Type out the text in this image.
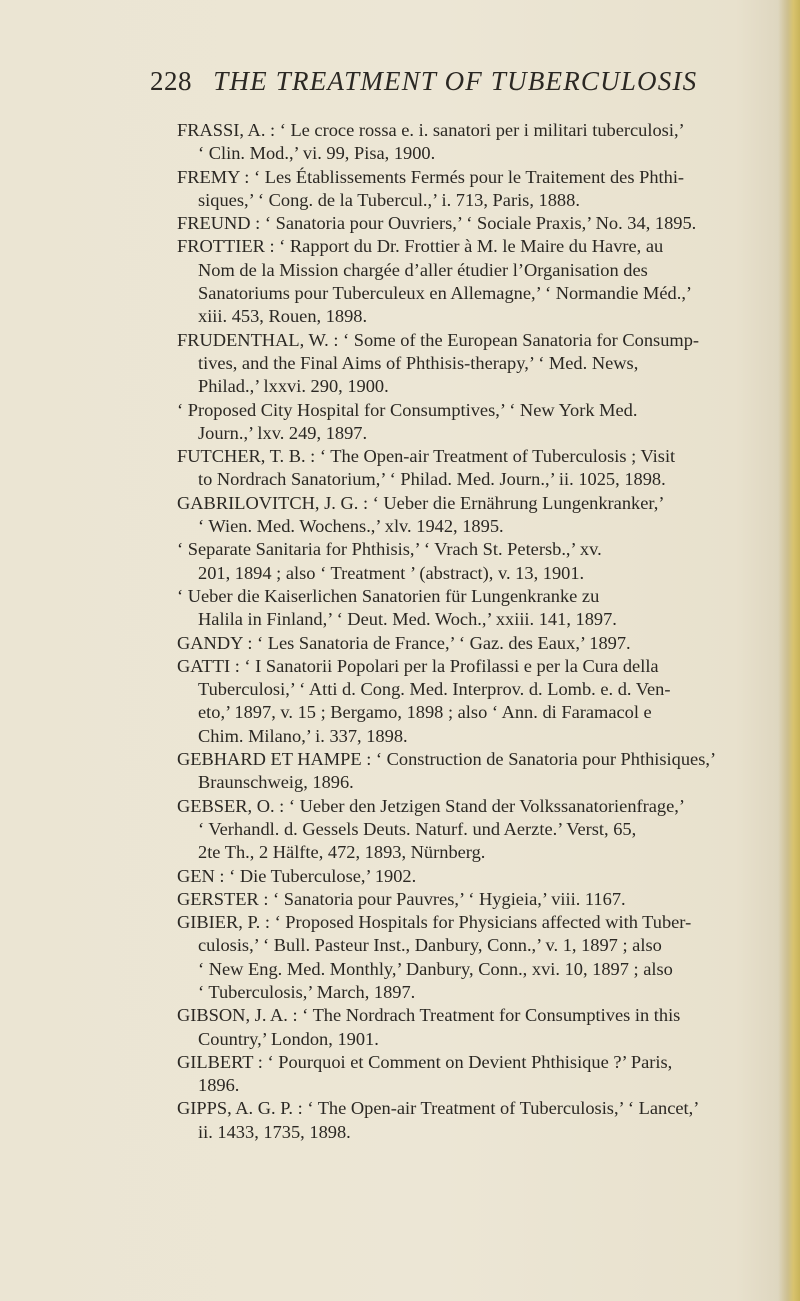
228 THE TREATMENT OF TUBERCULOSIS
FRASSI, A. : ‘ Le croce rossa e. i. sanatori per i militari tuberculosi,’
‘ Clin. Mod.,’ vi. 99, Pisa, 1900.
FREMY : ‘ Les Établissements Fermés pour le Traitement des Phthi-
siques,’ ‘ Cong. de la Tubercul.,’ i. 713, Paris, 1888.
FREUND : ‘ Sanatoria pour Ouvriers,’ ‘ Sociale Praxis,’ No. 34, 1895.
FROTTIER : ‘ Rapport du Dr. Frottier à M. le Maire du Havre, au
Nom de la Mission chargée d’aller étudier l’Organisation des
Sanatoriums pour Tuberculeux en Allemagne,’ ‘ Normandie Méd.,’
xiii. 453, Rouen, 1898.
FRUDENTHAL, W. : ‘ Some of the European Sanatoria for Consump-
tives, and the Final Aims of Phthisis-therapy,’ ‘ Med. News,
Philad.,’ lxxvi. 290, 1900.
‘ Proposed City Hospital for Consumptives,’ ‘ New York Med.
Journ.,’ lxv. 249, 1897.
FUTCHER, T. B. : ‘ The Open-air Treatment of Tuberculosis ; Visit
to Nordrach Sanatorium,’ ‘ Philad. Med. Journ.,’ ii. 1025, 1898.
GABRILOVITCH, J. G. : ‘ Ueber die Ernährung Lungenkranker,’
‘ Wien. Med. Wochens.,’ xlv. 1942, 1895.
‘ Separate Sanitaria for Phthisis,’ ‘ Vrach St. Petersb.,’ xv.
201, 1894 ; also ‘ Treatment ’ (abstract), v. 13, 1901.
‘ Ueber die Kaiserlichen Sanatorien für Lungenkranke zu
Halila in Finland,’ ‘ Deut. Med. Woch.,’ xxiii. 141, 1897.
GANDY : ‘ Les Sanatoria de France,’ ‘ Gaz. des Eaux,’ 1897.
GATTI : ‘ I Sanatorii Popolari per la Profilassi e per la Cura della
Tuberculosi,’ ‘ Atti d. Cong. Med. Interprov. d. Lomb. e. d. Ven-
eto,’ 1897, v. 15 ; Bergamo, 1898 ; also ‘ Ann. di Faramacol e
Chim. Milano,’ i. 337, 1898.
GEBHARD ET HAMPE : ‘ Construction de Sanatoria pour Phthisiques,’
Braunschweig, 1896.
GEBSER, O. : ‘ Ueber den Jetzigen Stand der Volkssanatorienfrage,’
‘ Verhandl. d. Gessels Deuts. Naturf. und Aerzte.’ Verst, 65,
2te Th., 2 Hälfte, 472, 1893, Nürnberg.
GEN : ‘ Die Tuberculose,’ 1902.
GERSTER : ‘ Sanatoria pour Pauvres,’ ‘ Hygieia,’ viii. 1167.
GIBIER, P. : ‘ Proposed Hospitals for Physicians affected with Tuber-
culosis,’ ‘ Bull. Pasteur Inst., Danbury, Conn.,’ v. 1, 1897 ; also
‘ New Eng. Med. Monthly,’ Danbury, Conn., xvi. 10, 1897 ; also
‘ Tuberculosis,’ March, 1897.
GIBSON, J. A. : ‘ The Nordrach Treatment for Consumptives in this
Country,’ London, 1901.
GILBERT : ‘ Pourquoi et Comment on Devient Phthisique ?’ Paris,
1896.
GIPPS, A. G. P. : ‘ The Open-air Treatment of Tuberculosis,’ ‘ Lancet,’
ii. 1433, 1735, 1898.
